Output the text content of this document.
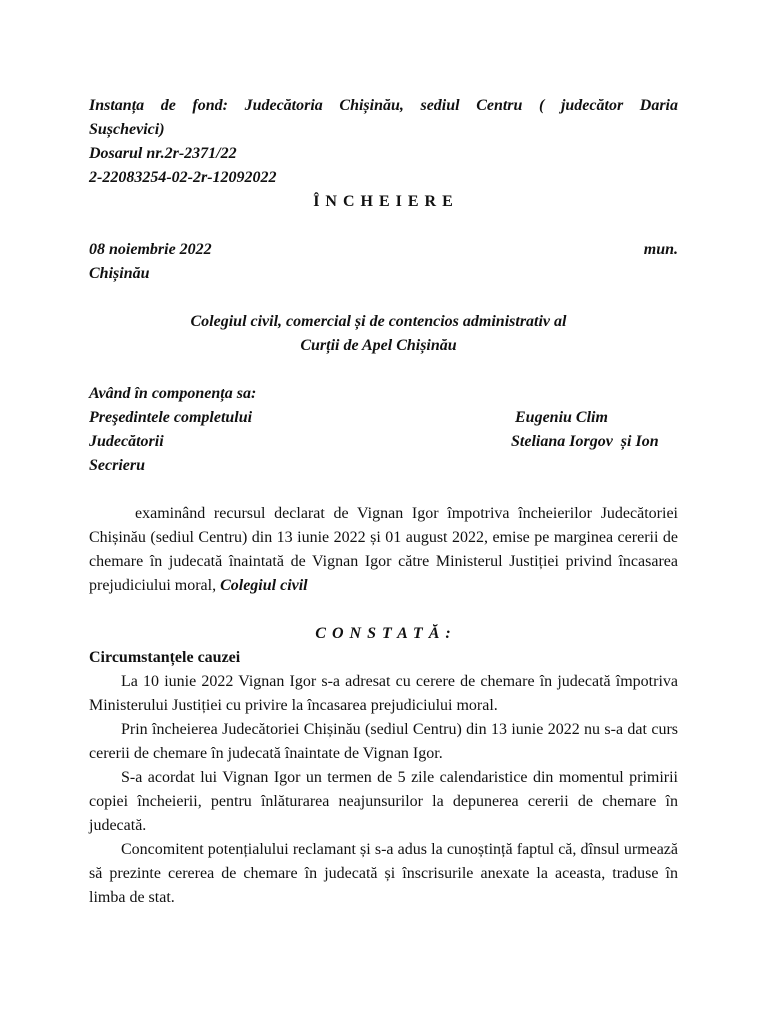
Instanța de fond: Judecătoria Chișinău, sediul Centru ( judecător Daria
Sușchevici)
Dosarul nr.2r-2371/22
2-22083254-02-2r-12092022
Î N C H E I E R E
08 noiembrie 2022	mun.
Chișinău
Colegiul civil, comercial și de contencios administrativ al
Curții de Apel Chișinău
Având în componența sa:
Preşedintele completului	Eugeniu Clim
Judecătorii	Steliana Iorgov  și Ion
Secrieru

examinând recursul declarat de Vignan Igor împotriva încheierilor Judecătoriei Chișinău (sediul Centru) din 13 iunie 2022 și 01 august 2022, emise pe marginea cererii de chemare în judecată înaintată de Vignan Igor către Ministerul Justiției privind încasarea prejudiciului moral, Colegiul civil

C O N S T A T Ă :
Circumstanțele cauzei

La 10 iunie 2022 Vignan Igor s-a adresat cu cerere de chemare în judecată împotriva Ministerului Justiției cu privire la încasarea prejudiciului moral.

Prin încheierea Judecătoriei Chișinău (sediul Centru) din 13 iunie 2022 nu s-a dat curs cererii de chemare în judecată înaintate de Vignan Igor.

S-a acordat lui Vignan Igor un termen de 5 zile calendaristice din momentul primirii copiei încheierii, pentru înlăturarea neajunsurilor la depunerea cererii de chemare în judecată.

Concomitent potențialului reclamant și s-a adus la cunoștință faptul că, dînsul urmează să prezinte cererea de chemare în judecată și înscrisurile anexate la aceasta, traduse în limba de stat.
